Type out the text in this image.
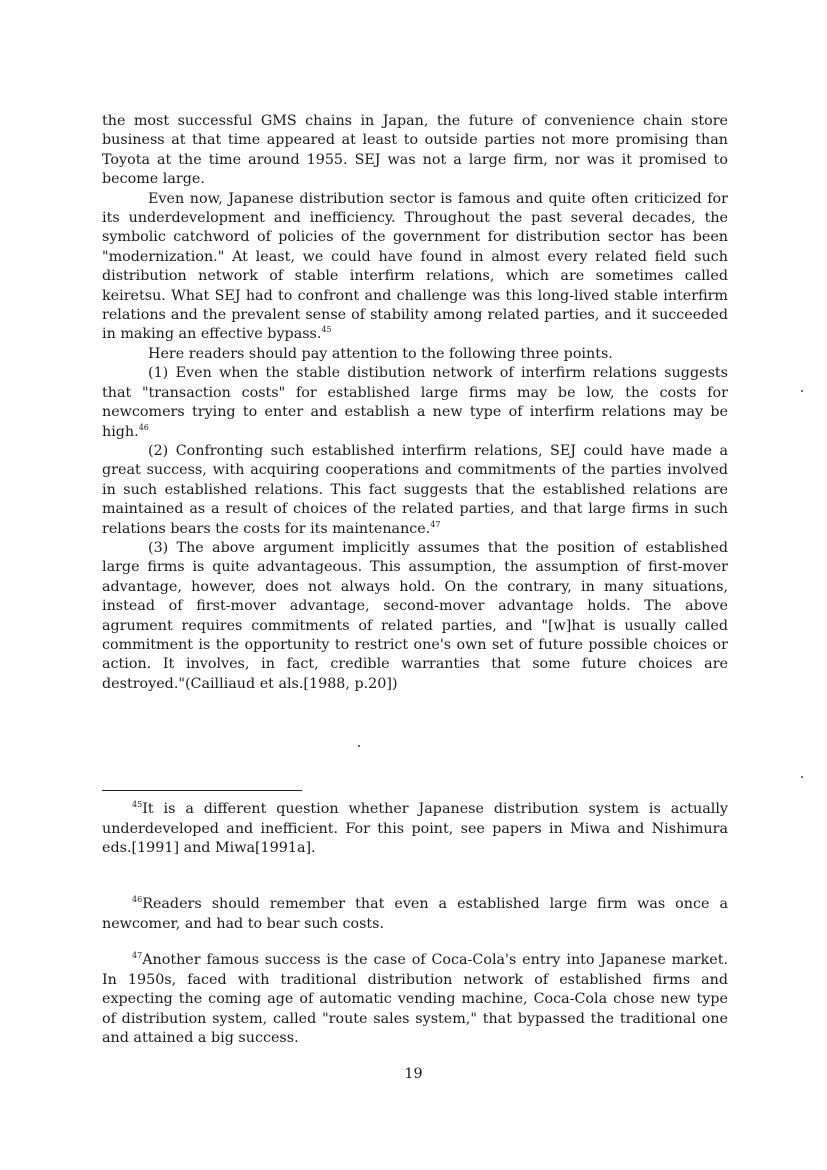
the most successful GMS chains in Japan, the future of convenience chain store business at that time appeared at least to outside parties not more promising than Toyota at the time around 1955. SEJ was not a large firm, nor was it promised to become large.

Even now, Japanese distribution sector is famous and quite often criticized for its underdevelopment and inefficiency. Throughout the past several decades, the symbolic catchword of policies of the government for distribution sector has been "modernization." At least, we could have found in almost every related field such distribution network of stable interfirm relations, which are sometimes called keiretsu. What SEJ had to confront and challenge was this long-lived stable interfirm relations and the prevalent sense of stability among related parties, and it succeeded in making an effective bypass.$^{45}$

Here readers should pay attention to the following three points.

(1) Even when the stable distibution network of interfirm relations suggests that "transaction costs" for established large firms may be low, the costs for newcomers trying to enter and establish a new type of interfirm relations may be high.$^{46}$

(2) Confronting such established interfirm relations, SEJ could have made a great success, with acquiring cooperations and commitments of the parties involved in such established relations. This fact suggests that the established relations are maintained as a result of choices of the related parties, and that large firms in such relations bears the costs for its maintenance.$^{47}$

(3) The above argument implicitly assumes that the position of established large firms is quite advantageous. This assumption, the assumption of first-mover advantage, however, does not always hold. On the contrary, in many situations, instead of first-mover advantage, second-mover advantage holds. The above agrument requires commitments of related parties, and "[w]hat is usually called commitment is the opportunity to restrict one's own set of future possible choices or action. It involves, in fact, credible warranties that some future choices are destroyed."(Cailliaud et als.[1988, p.20])

$^{45}$It is a different question whether Japanese distribution system is actually underdeveloped and inefficient. For this point, see papers in Miwa and Nishimura eds.[1991] and Miwa[1991a].

$^{46}$Readers should remember that even a established large firm was once a newcomer, and had to bear such costs.

$^{47}$Another famous success is the case of Coca-Cola's entry into Japanese market. In 1950s, faced with traditional distribution network of established firms and expecting the coming age of automatic vending machine, Coca-Cola chose new type of distribution system, called "route sales system," that bypassed the traditional one and attained a big success.

19
